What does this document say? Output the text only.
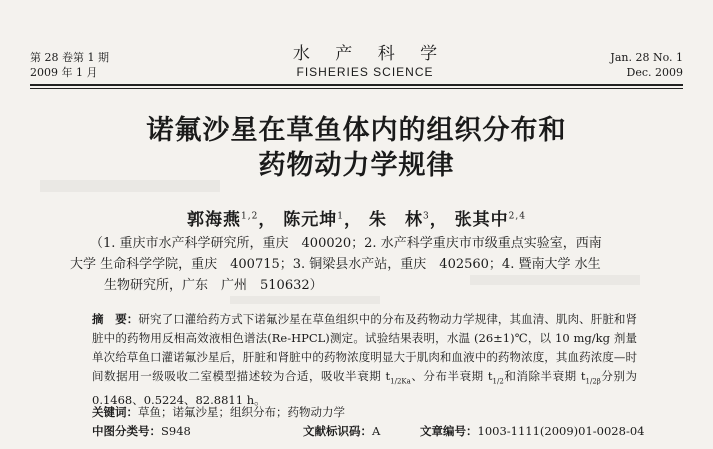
第 28 卷第 1 期
2009 年 1 月
水 产 科 学
FISHERIES SCIENCE
Jan. 28 No. 1
Dec. 2009
诺氟沙星在草鱼体内的组织分布和
药物动力学规律
郭海燕$^{1,2}$， 陈元坤$^1$， 朱　林$^3$， 张其中$^{2,4}$
（1. 重庆市水产科学研究所，重庆　400020；2. 水产科学重庆市市级重点实验室，西南
大学 生命科学学院，重庆　400715；3. 铜梁县水产站，重庆　402560；4. 暨南大学 水生
生物研究所，广东　广州　510632）
摘　要：研究了口灌给药方式下诺氟沙星在草鱼组织中的分布及药物动力学规律，其血清、肌肉、肝脏和肾脏中的药物用反相高效液相色谱法(Re-HPCL)测定。试验结果表明，水温 (26±1)℃，以 10 mg/kg 剂量单次给草鱼口灌诺氟沙星后，肝脏和肾脏中的药物浓度明显大于肌肉和血液中的药物浓度，其血药浓度—时间数据用一级吸收二室模型描述较为合适，吸收半衰期 $t_{1/2Ka}$、分布半衰期 $t_{1/2}$和消除半衰期 $t_{1/2\beta}$分别为 0.1468、0.5224、82.8811 h。
关键词：草鱼；诺氟沙星；组织分布；药物动力学
中图分类号：S948	文献标识码：A	文章编号：1003-1111(2009)01-0028-04
